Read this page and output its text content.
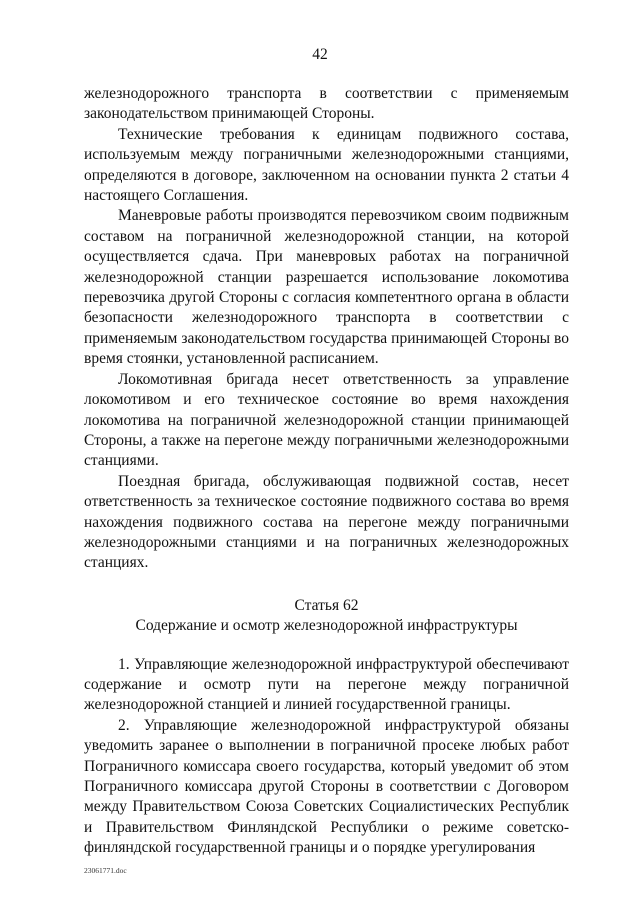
42

железнодорожного транспорта в соответствии с применяемым законодательством принимающей Стороны.

Технические требования к единицам подвижного состава, используемым между пограничными железнодорожными станциями, определяются в договоре, заключенном на основании пункта 2 статьи 4 настоящего Соглашения.

Маневровые работы производятся перевозчиком своим подвижным составом на пограничной железнодорожной станции, на которой осуществляется сдача. При маневровых работах на пограничной железнодорожной станции разрешается использование локомотива перевозчика другой Стороны с согласия компетентного органа в области безопасности железнодорожного транспорта в соответствии с применяемым законодательством государства принимающей Стороны во время стоянки, установленной расписанием.

Локомотивная бригада несет ответственность за управление локомотивом и его техническое состояние во время нахождения локомотива на пограничной железнодорожной станции принимающей Стороны, а также на перегоне между пограничными железнодорожными станциями.

Поездная бригада, обслуживающая подвижной состав, несет ответственность за техническое состояние подвижного состава во время нахождения подвижного состава на перегоне между пограничными железнодорожными станциями и на пограничных железнодорожных станциях.

Статья 62

Содержание и осмотр железнодорожной инфраструктуры

1. Управляющие железнодорожной инфраструктурой обеспечивают содержание и осмотр пути на перегоне между пограничной железнодорожной станцией и линией государственной границы.

2. Управляющие железнодорожной инфраструктурой обязаны уведомить заранее о выполнении в пограничной просеке любых работ Пограничного комиссара своего государства, который уведомит об этом Пограничного комиссара другой Стороны в соответствии с Договором между Правительством Союза Советских Социалистических Республик и Правительством Финляндской Республики о режиме советско-финляндской государственной границы и о порядке урегулирования

23061771.doc
